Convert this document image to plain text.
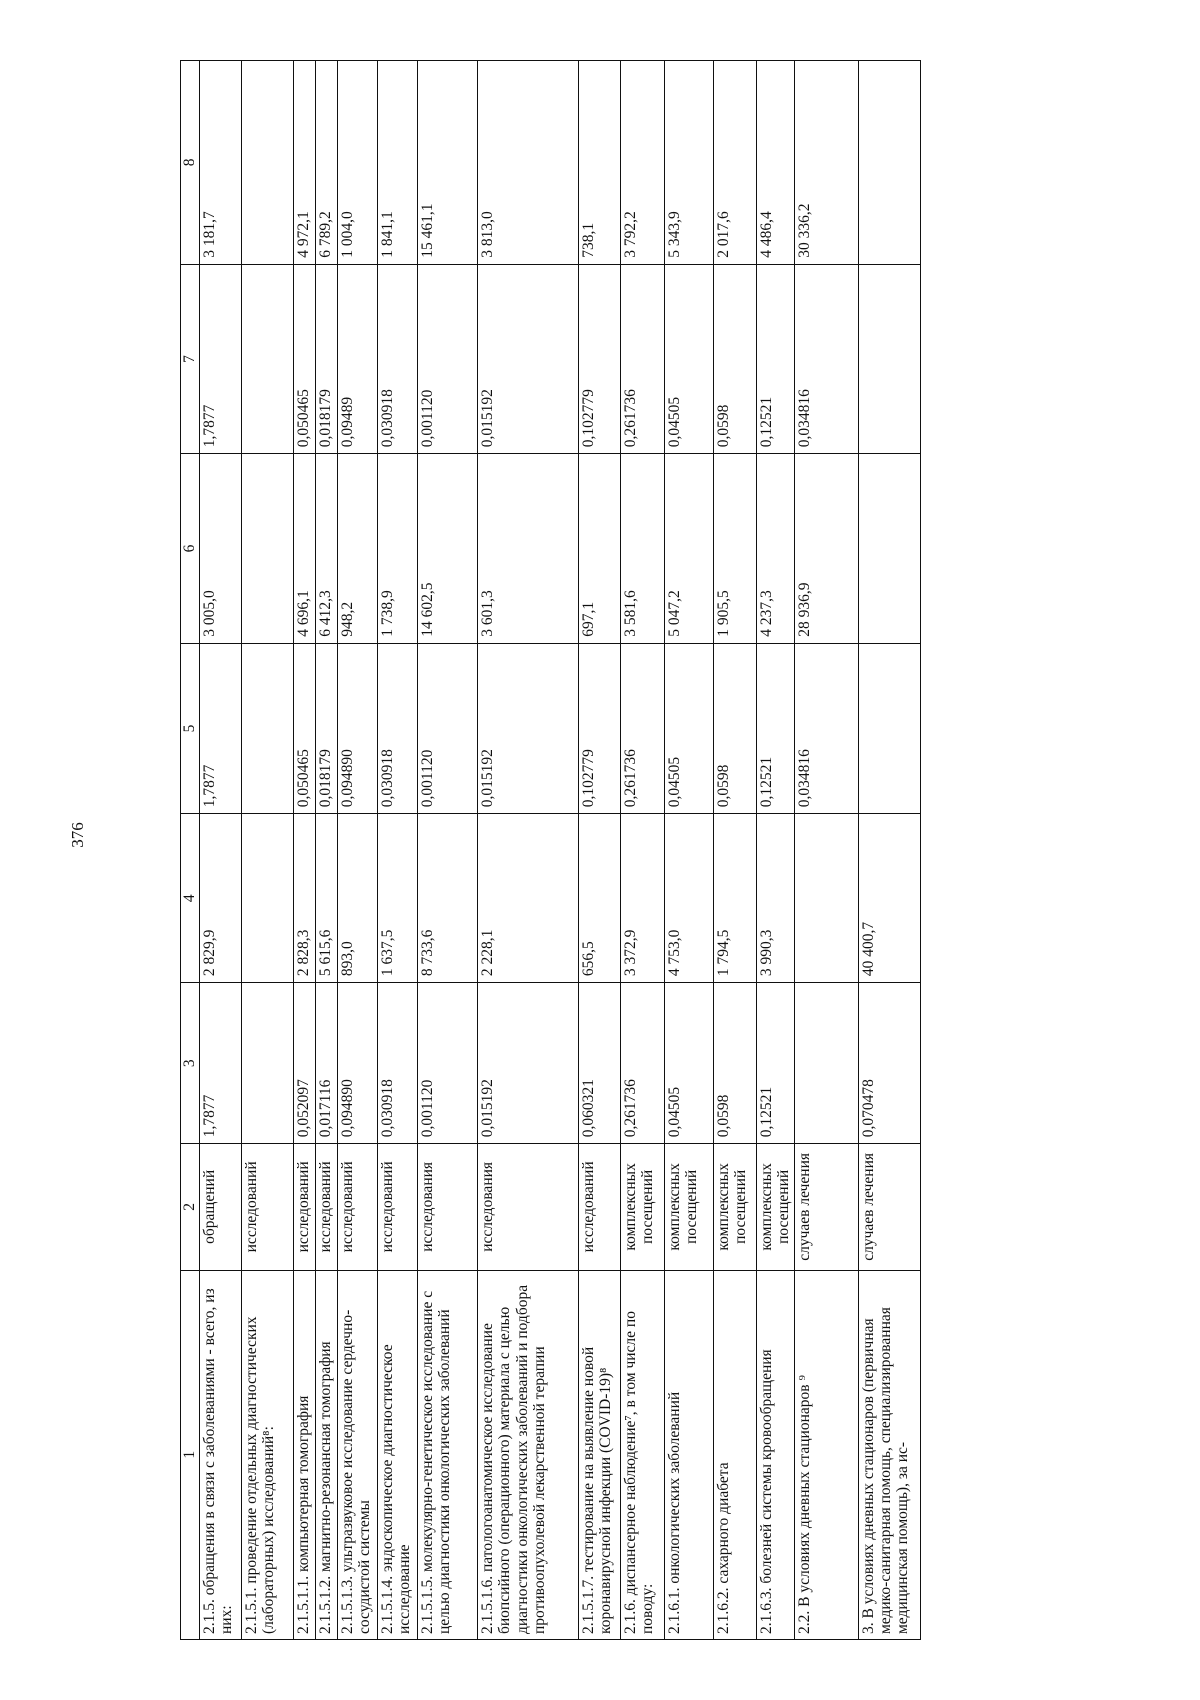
376
1	2	3	4	5	6	7	8
2.1.5. обращения в связи с заболеваниями - всего, из них:	обращений	1,7877	2 829,9	1,7877	3 005,0	1,7877	3 181,7
2.1.5.1. проведение отдельных диагностических (лабораторных) исследований⁸:	исследований						
2.1.5.1.1. компьютерная томография	исследований	0,052097	2 828,3	0,050465	4 696,1	0,050465	4 972,1
2.1.5.1.2. магнитно-резонансная томография	исследований	0,017116	5 615,6	0,018179	6 412,3	0,018179	6 789,2
2.1.5.1.3. ультразвуковое исследование сердечно-сосудистой системы	исследований	0,094890	893,0	0,094890	948,2	0,09489	1 004,0
2.1.5.1.4. эндоскопическое диагностическое исследование	исследований	0,030918	1 637,5	0,030918	1 738,9	0,030918	1 841,1
2.1.5.1.5. молекулярно-генетическое исследование с целью диагностики онкологических заболеваний	исследования	0,001120	8 733,6	0,001120	14 602,5	0,001120	15 461,1
2.1.5.1.6. патологоанатомическое исследование биопсийного (операционного) материала с целью диагностики онкологических заболеваний и подбора противоопухолевой лекарственной терапии	исследования	0,015192	2 228,1	0,015192	3 601,3	0,015192	3 813,0
2.1.5.1.7. тестирование на выявление новой коронавирусной инфекции (COVID-19)⁸	исследований	0,060321	656,5	0,102779	697,1	0,102779	738,1
2.1.6. диспансерное наблюдение⁷, в том числе по поводу:	комплексных посещений	0,261736	3 372,9	0,261736	3 581,6	0,261736	3 792,2
2.1.6.1. онкологических заболеваний	комплексных посещений	0,04505	4 753,0	0,04505	5 047,2	0,04505	5 343,9
2.1.6.2. сахарного диабета	комплексных посещений	0,0598	1 794,5	0,0598	1 905,5	0,0598	2 017,6
2.1.6.3. болезней системы кровообращения	комплексных посещений	0,12521	3 990,3	0,12521	4 237,3	0,12521	4 486,4
2.2. В условиях дневных стационаров ⁹	случаев лечения			0,034816	28 936,9	0,034816	30 336,2
3. В условиях дневных стационаров (первичная медико-санитарная помощь, специализированная медицинская помощь), за ис-	случаев лечения	0,070478	40 400,7				
